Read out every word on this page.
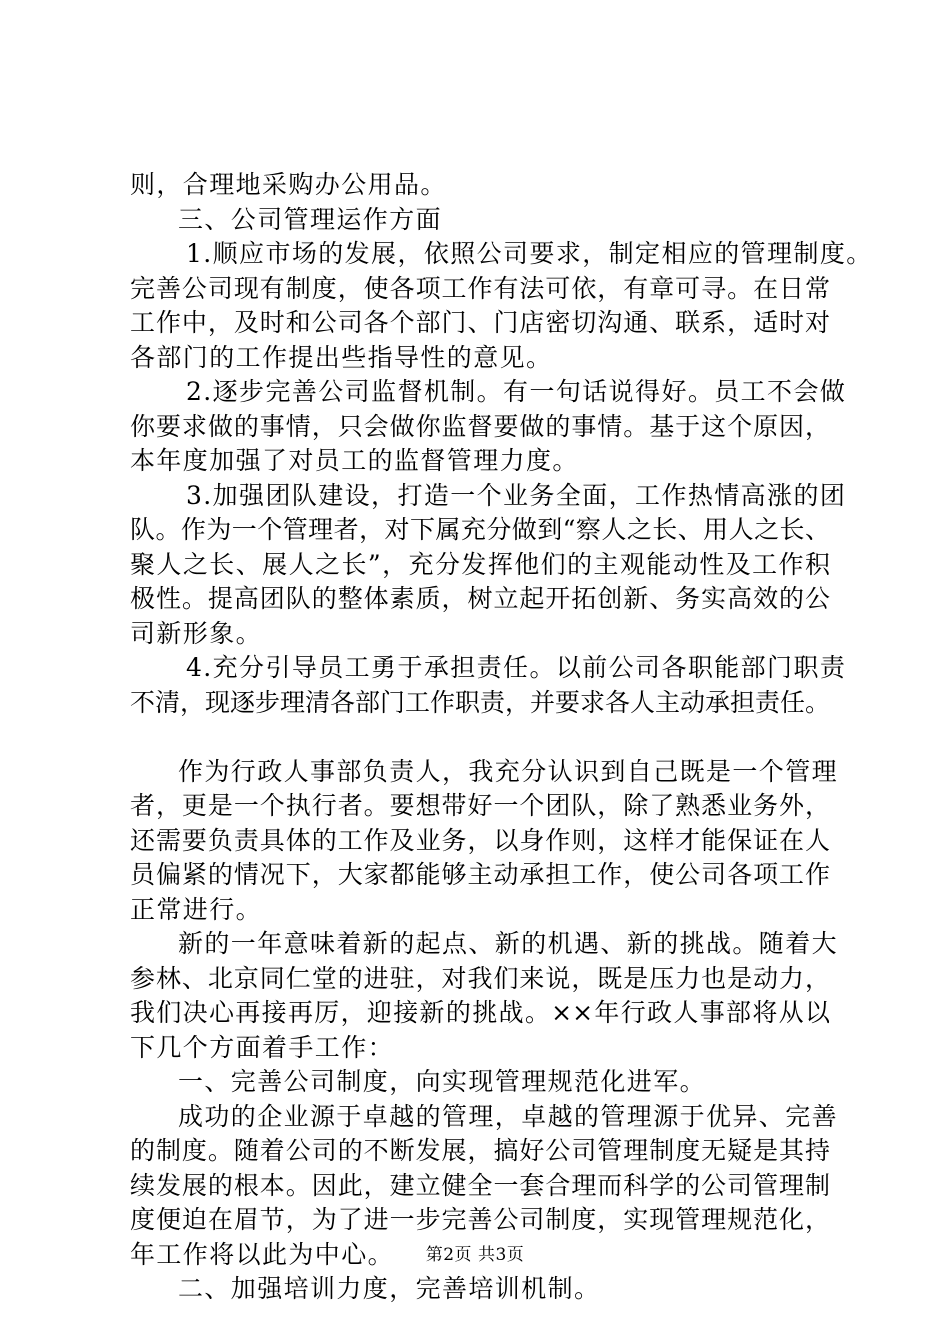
则，合理地采购办公用品。
三、公司管理运作方面
1.顺应市场的发展，依照公司要求，制定相应的管理制度。
完善公司现有制度，使各项工作有法可依，有章可寻。在日常
工作中，及时和公司各个部门、门店密切沟通、联系，适时对
各部门的工作提出些指导性的意见。
2.逐步完善公司监督机制。有一句话说得好。员工不会做
你要求做的事情，只会做你监督要做的事情。基于这个原因，
本年度加强了对员工的监督管理力度。
3.加强团队建设，打造一个业务全面，工作热情高涨的团
队。作为一个管理者，对下属充分做到“察人之长、用人之长、
聚人之长、展人之长”，充分发挥他们的主观能动性及工作积
极性。提高团队的整体素质，树立起开拓创新、务实高效的公
司新形象。
4.充分引导员工勇于承担责任。以前公司各职能部门职责
不清，现逐步理清各部门工作职责，并要求各人主动承担责任。
作为行政人事部负责人，我充分认识到自己既是一个管理
者，更是一个执行者。要想带好一个团队，除了熟悉业务外，
还需要负责具体的工作及业务，以身作则，这样才能保证在人
员偏紧的情况下，大家都能够主动承担工作，使公司各项工作
正常进行。
新的一年意味着新的起点、新的机遇、新的挑战。随着大
参林、北京同仁堂的进驻，对我们来说，既是压力也是动力，
我们决心再接再厉，迎接新的挑战。××年行政人事部将从以
下几个方面着手工作：
一、完善公司制度，向实现管理规范化进军。
成功的企业源于卓越的管理，卓越的管理源于优异、完善
的制度。随着公司的不断发展，搞好公司管理制度无疑是其持
续发展的根本。因此，建立健全一套合理而科学的公司管理制
度便迫在眉节，为了进一步完善公司制度，实现管理规范化，
年工作将以此为中心。
二、加强培训力度，完善培训机制。
第2页 共3页
